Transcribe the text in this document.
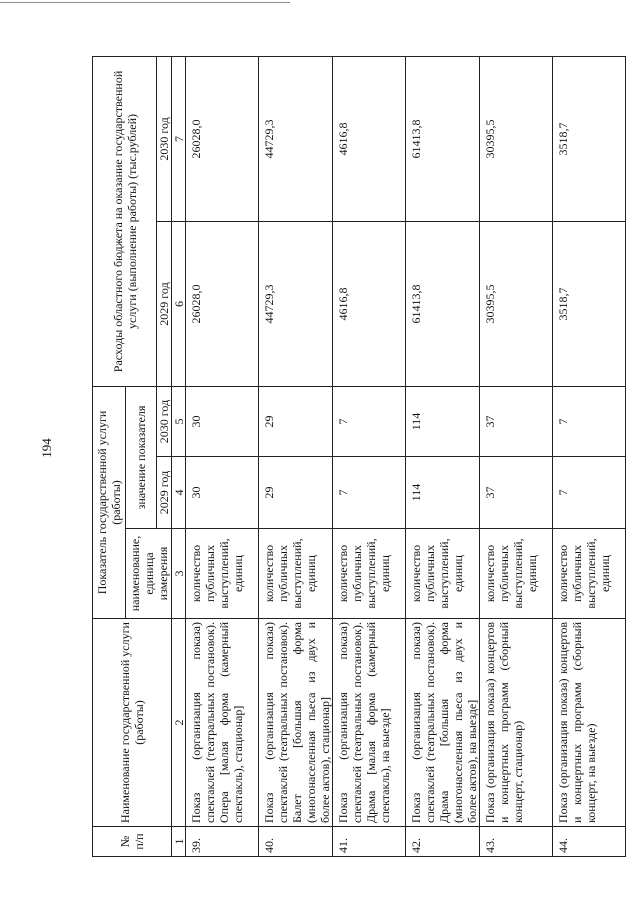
194
№ п/п	Наименование государственной услуги (работы)	Показатель государственной услуги (работы)			Расходы областного бюджета на оказание государственной услуги (выполнение работы) (тыс.рублей)	
		наименование, единица измерения	значение показателя			
			2029 год	2030 год	2029 год	2030 год
1	2	3	4	5	6	7
39.	Показ (организация показа) спектаклей (театральных постановок). Опера [малая форма (камерный спектакль), стационар]	количество публичных выступлений, единиц	30	30	26028,0	26028,0
40.	Показ (организация показа) спектаклей (театральных постановок). Балет [большая форма (многонаселенная пьеса из двух и более актов), стационар]	количество публичных выступлений, единиц	29	29	44729,3	44729,3
41.	Показ (организация показа) спектаклей (театральных постановок). Драма [малая форма (камерный спектакль), на выезде]	количество публичных выступлений, единиц	7	7	4616,8	4616,8
42.	Показ (организация показа) спектаклей (театральных постановок). Драма [большая форма (многонаселенная пьеса из двух и более актов), на выезде]	количество публичных выступлений, единиц	114	114	61413,8	61413,8
43.	Показ (организация показа) концертов и концертных программ (сборный концерт, стационар)	количество публичных выступлений, единиц	37	37	30395,5	30395,5
44.	Показ (организация показа) концертов и концертных программ (сборный концерт, на выезде)	количество публичных выступлений, единиц	7	7	3518,7	3518,7
